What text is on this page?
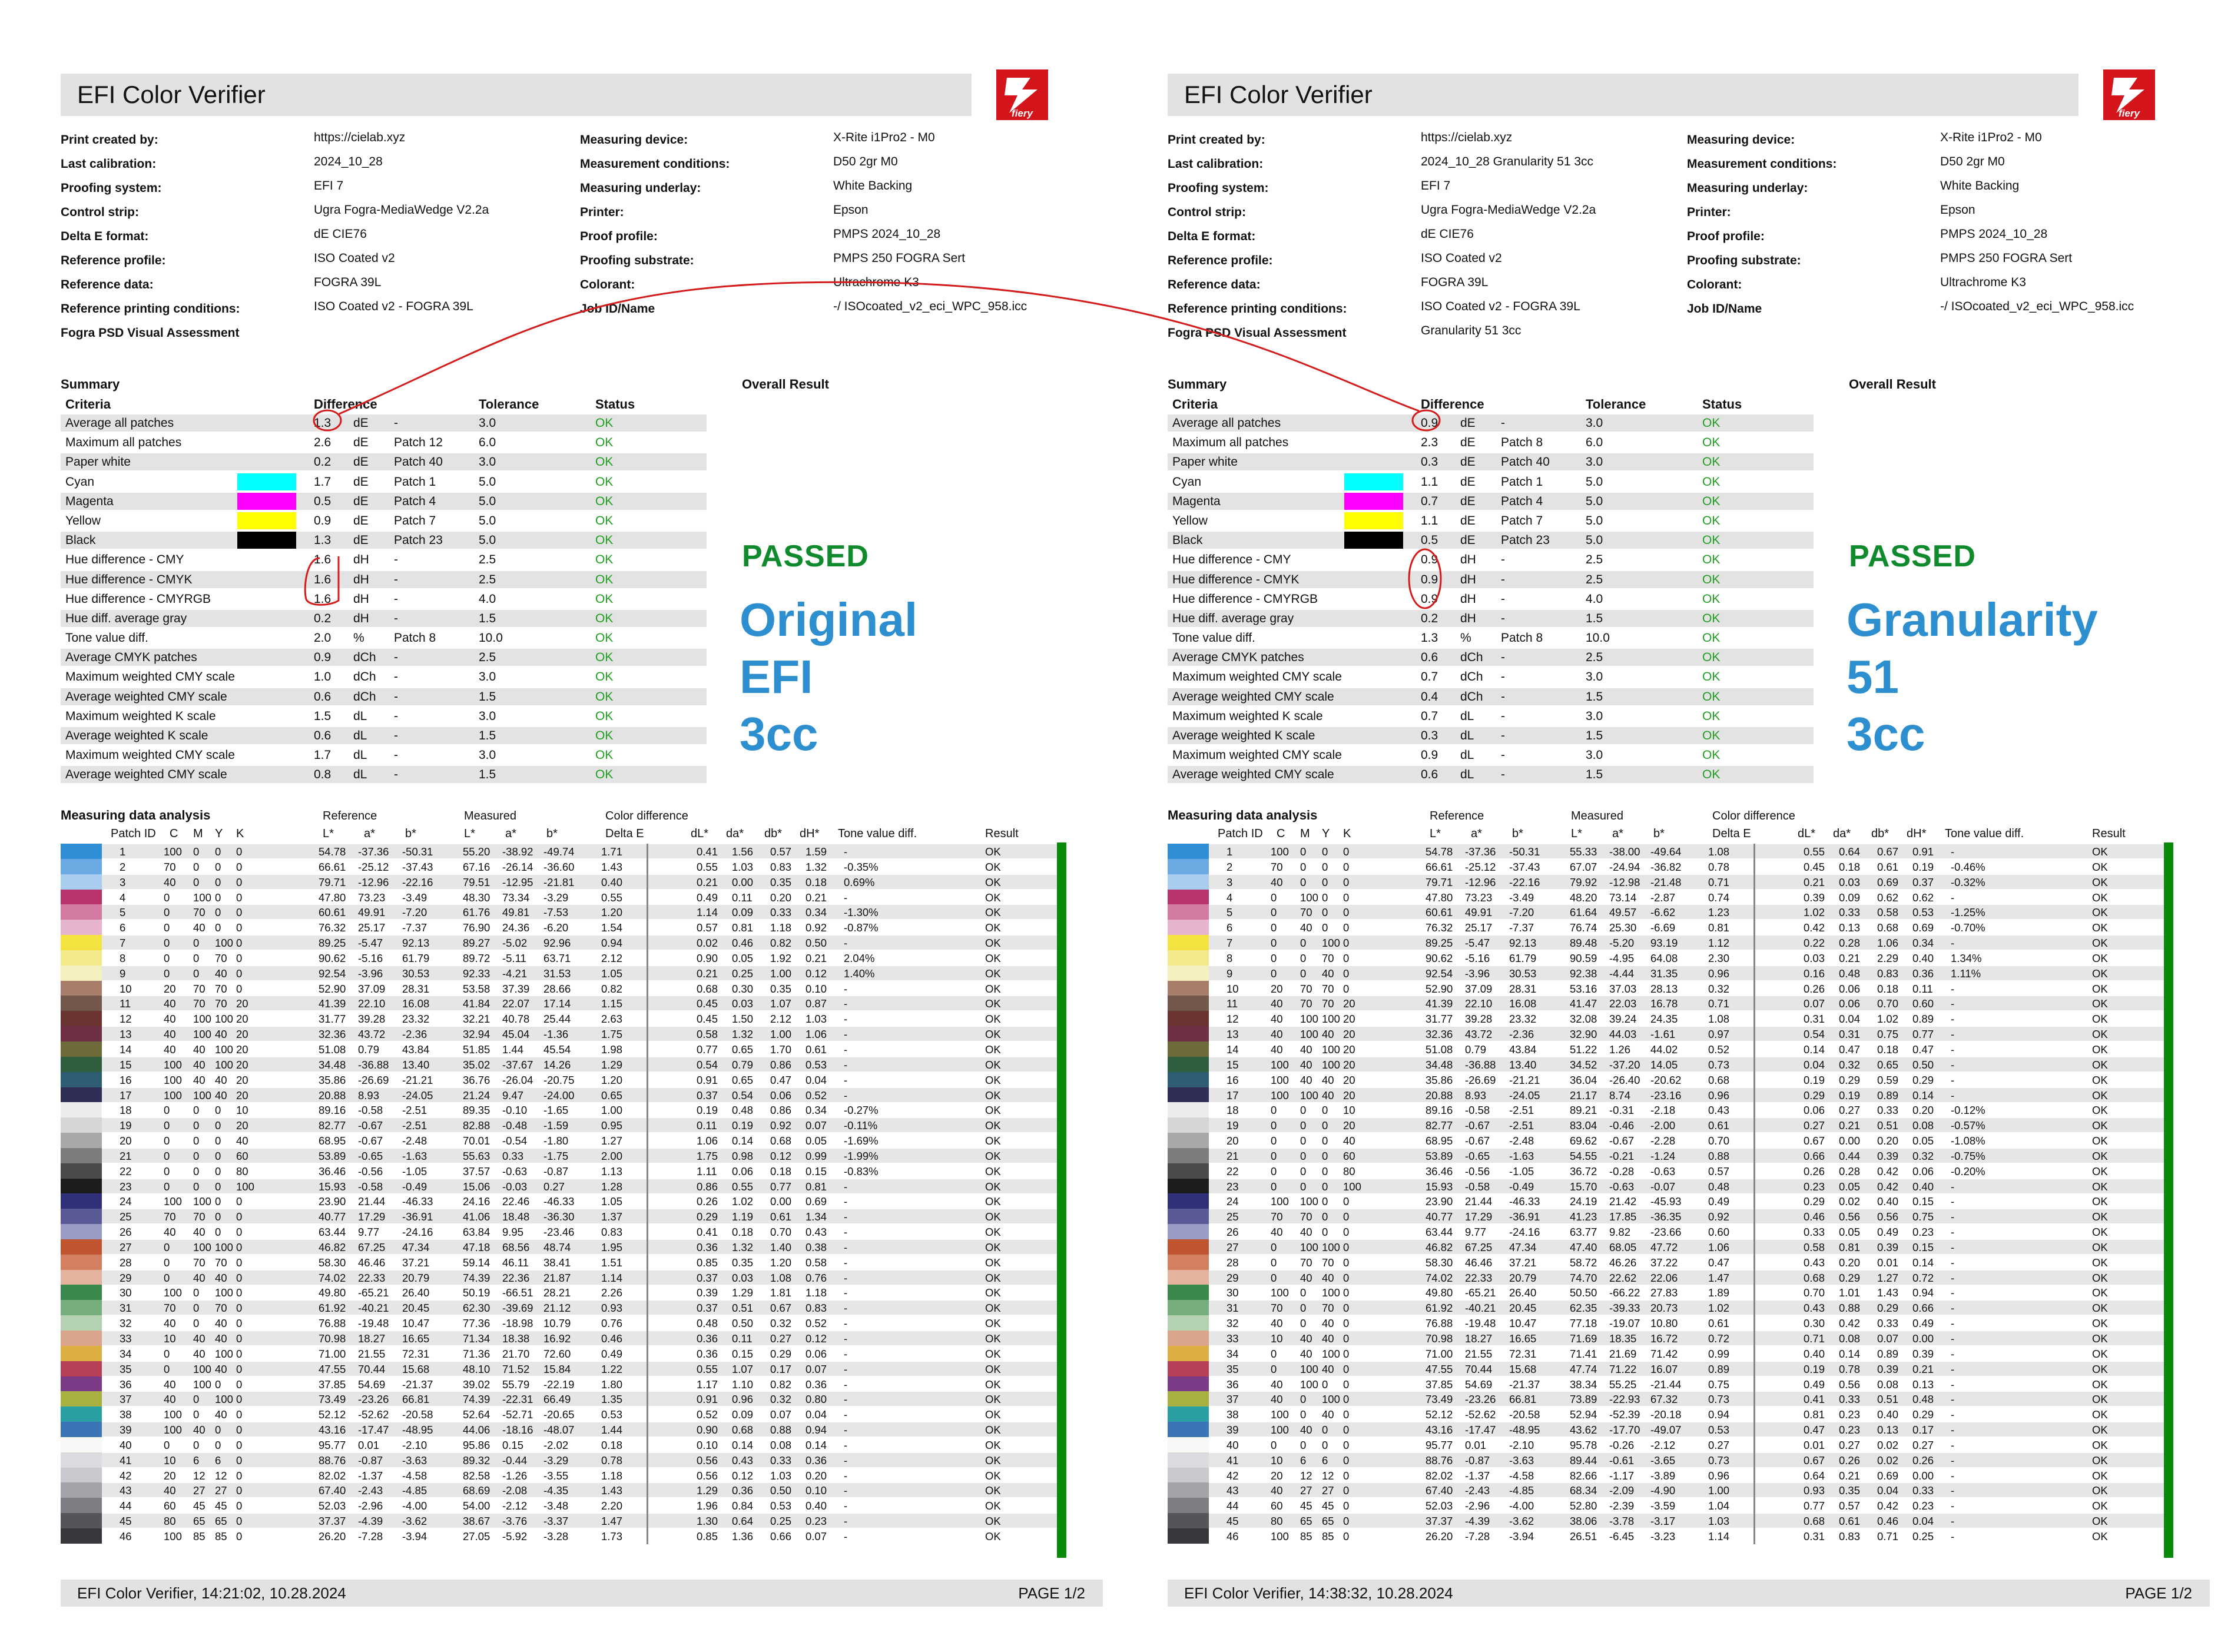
EFI Color Verifier
fiery
Print created by:	https://cielab.xyz
Last calibration:	2024_10_28
Proofing system:	EFI 7
Control strip:	Ugra Fogra-MediaWedge V2.2a
Delta E format:	dE CIE76
Reference profile:	ISO Coated v2
Reference data:	FOGRA 39L
Reference printing conditions:	ISO Coated v2 - FOGRA 39L
Fogra PSD Visual Assessment
Measuring device:	X-Rite i1Pro2 - M0
Measurement conditions:	D50 2gr M0
Measuring underlay:	White Backing
Printer:	Epson
Proof profile:	PMPS 2024_10_28
Proofing substrate:	PMPS 250 FOGRA Sert
Colorant:	Ultrachrome K3
Job ID/Name	-/ ISOcoated_v2_eci_WPC_958.icc
Summary	Overall Result
Criteria	Difference	Tolerance	Status
Average all patches	1.3 dE -	3.0	OK
Maximum all patches	2.6 dE Patch 12	6.0	OK
Paper white	0.2 dE Patch 40	3.0	OK
Cyan	1.7 dE Patch 1	5.0	OK
Magenta	0.5 dE Patch 4	5.0	OK
Yellow	0.9 dE Patch 7	5.0	OK
Black	1.3 dE Patch 23	5.0	OK
Hue difference - CMY	1.6 dH -	2.5	OK
Hue difference - CMYK	1.6 dH -	2.5	OK
Hue difference - CMYRGB	1.6 dH -	4.0	OK
Hue diff. average gray	0.2 dH -	1.5	OK
Tone value diff.	2.0 % Patch 8	10.0	OK
Average CMYK patches	0.9 dCh -	2.5	OK
Maximum weighted CMY scale	1.0 dCh -	3.0	OK
Average weighted CMY scale	0.6 dCh -	1.5	OK
Maximum weighted K scale	1.5 dL -	3.0	OK
Average weighted K scale	0.6 dL -	1.5	OK
Maximum weighted CMY scale	1.7 dL -	3.0	OK
Average weighted CMY scale	0.8 dL -	1.5	OK
PASSED
Original
EFI
3cc
Measuring data analysis	Reference	Measured	Color difference
Patch ID C M Y K	L*	a*	b*	L*	a*	b*	Delta E	dL* da* db* dH* Tone value diff.	Result
1	100 0 0 0	54.78 -37.36 -50.31	55.20 -38.92 -49.74 1.71	0.41 1.56 0.57 1.59 -	OK
2	70 0 0 0	66.61 -25.12 -37.43	67.16 -26.14 -36.60 1.43	0.55 1.03 0.83 1.32 -0.35%	OK
3	40 0 0 0	79.71 -12.96 -22.16	79.51 -12.95 -21.81 0.40	0.21 0.00 0.35 0.18 0.69%	OK
4	0 100 0 0	47.80 73.23 -3.49	48.30 73.34 -3.29	0.55	0.49 0.11 0.20 0.21 -	OK
5	0 70 0 0	60.61 49.91 -7.20	61.76 49.81 -7.53	1.20	1.14 0.09 0.33 0.34 -1.30%	OK
6	0 40 0 0	76.32 25.17 -7.37	76.90 24.36 -6.20	1.54	0.57 0.81 1.18 0.92 -0.87%	OK
7	0 0 100 0	89.25 -5.47 92.13	89.27 -5.02 92.96	0.94	0.02 0.46 0.82 0.50 -	OK
8	0 0 70 0	90.62 -5.16 61.79	89.72 -5.11 63.71	2.12	0.90 0.05 1.92 0.21 2.04%	OK
9	0 0 40 0	92.54 -3.96 30.53	92.33 -4.21 31.53	1.05	0.21 0.25 1.00 0.12 1.40%	OK
10	20 70 70 0	52.90 37.09 28.31	53.58 37.39 28.66	0.82	0.68 0.30 0.35 0.10 -	OK
11	40 70 70 20	41.39 22.10 16.08	41.84 22.07 17.14	1.15	0.45 0.03 1.07 0.87 -	OK
12	40 100 100 20	31.77 39.28 23.32	32.21 40.78 25.44	2.63	0.45 1.50 2.12 1.03 -	OK
13	40 100 40 20	32.36 43.72 -2.36	32.94 45.04 -1.36	1.75	0.58 1.32 1.00 1.06 -	OK
14	40 40 100 20	51.08 0.79 43.84	51.85 1.44 45.54	1.98	0.77 0.65 1.70 0.61 -	OK
15	100 40 100 20	34.48 -36.88 13.40	35.02 -37.67 14.26	1.29	0.54 0.79 0.86 0.53 -	OK
16	100 40 40 20	35.86 -26.69 -21.21	36.76 -26.04 -20.75 1.20	0.91 0.65 0.47 0.04 -	OK
17	100 100 40 20	20.88 8.93 -24.05	21.24 9.47 -24.00 0.65	0.37 0.54 0.06 0.52 -	OK
18	0 0 0 10	89.16 -0.58 -2.51	89.35 -0.10 -1.65	1.00	0.19 0.48 0.86 0.34 -0.27%	OK
19	0 0 0 20	82.77 -0.67 -2.51	82.88 -0.48 -1.59	0.95	0.11 0.19 0.92 0.07 -0.11%	OK
20	0 0 0 40	68.95 -0.67 -2.48	70.01 -0.54 -1.80	1.27	1.06 0.14 0.68 0.05 -1.69%	OK
21	0 0 0 60	53.89 -0.65 -1.63	55.63 0.33 -1.75	2.00	1.75 0.98 0.12 0.99 -1.99%	OK
22	0 0 0 80	36.46 -0.56 -1.05	37.57 -0.63 -0.87	1.13	1.11 0.06 0.18 0.15 -0.83%	OK
23	0 0 0 100	15.93 -0.58 -0.49	15.06 -0.03 0.27	1.28	0.86 0.55 0.77 0.81 -	OK
24	100 100 0 0	23.90 21.44 -46.33	24.16 22.46 -46.33 1.05	0.26 1.02 0.00 0.69 -	OK
25	70 70 0 0	40.77 17.29 -36.91	41.06 18.48 -36.30 1.37	0.29 1.19 0.61 1.34 -	OK
26	40 40 0 0	63.44 9.77 -24.16	63.84 9.95 -23.46 0.83	0.41 0.18 0.70 0.43 -	OK
27	0 100 100 0	46.82 67.25 47.34	47.18 68.56 48.74	1.95	0.36 1.32 1.40 0.38 -	OK
28	0 70 70 0	58.30 46.46 37.21	59.14 46.11 38.41	1.51	0.85 0.35 1.20 0.58 -	OK
29	0 40 40 0	74.02 22.33 20.79	74.39 22.36 21.87	1.14	0.37 0.03 1.08 0.76 -	OK
30	100 0 100 0	49.80 -65.21 26.40	50.19 -66.51 28.21	2.26	0.39 1.29 1.81 1.18 -	OK
31	70 0 70 0	61.92 -40.21 20.45	62.30 -39.69 21.12	0.93	0.37 0.51 0.67 0.83 -	OK
32	40 0 40 0	76.88 -19.48 10.47	77.36 -18.98 10.79	0.76	0.48 0.50 0.32 0.52 -	OK
33	10 40 40 0	70.98 18.27 16.65	71.34 18.38 16.92	0.46	0.36 0.11 0.27 0.12 -	OK
34	0 40 100 0	71.00 21.55 72.31	71.36 21.70 72.60	0.49	0.36 0.15 0.29 0.06 -	OK
35	0 100 40 0	47.55 70.44 15.68	48.10 71.52 15.84	1.22	0.55 1.07 0.17 0.07 -	OK
36	40 100 0 0	37.85 54.69 -21.37	39.02 55.79 -22.19 1.80	1.17 1.10 0.82 0.36 -	OK
37	40 0 100 0	73.49 -23.26 66.81	74.39 -22.31 66.49	1.35	0.91 0.96 0.32 0.80 -	OK
38	100 0 40 0	52.12 -52.62 -20.58	52.64 -52.71 -20.65 0.53	0.52 0.09 0.07 0.04 -	OK
39	100 40 0 0	43.16 -17.47 -48.95	44.06 -18.16 -48.07 1.44	0.90 0.68 0.88 0.94 -	OK
40	0 0 0 0	95.77 0.01 -2.10	95.86 0.15 -2.02	0.18	0.10 0.14 0.08 0.14 -	OK
41	10 6 6 0	88.76 -0.87 -3.63	89.32 -0.44 -3.29	0.78	0.56 0.43 0.33 0.36 -	OK
42	20 12 12 0	82.02 -1.37 -4.58	82.58 -1.26 -3.55	1.18	0.56 0.12 1.03 0.20 -	OK
43	40 27 27 0	67.40 -2.43 -4.85	68.69 -2.08 -4.35	1.43	1.29 0.36 0.50 0.10 -	OK
44	60 45 45 0	52.03 -2.96 -4.00	54.00 -2.12 -3.48	2.20	1.96 0.84 0.53 0.40 -	OK
45	80 65 65 0	37.37 -4.39 -3.62	38.67 -3.76 -3.37	1.47	1.30 0.64 0.25 0.23 -	OK
46	100 85 85 0	26.20 -7.28 -3.94	27.05 -5.92 -3.28	1.73	0.85 1.36 0.66 0.07 -	OK
EFI Color Verifier, 14:21:02, 10.28.2024	PAGE 1/2
EFI Color Verifier
fiery
Print created by:	https://cielab.xyz
Last calibration:	2024_10_28 Granularity 51 3cc
Proofing system:	EFI 7
Control strip:	Ugra Fogra-MediaWedge V2.2a
Delta E format:	dE CIE76
Reference profile:	ISO Coated v2
Reference data:	FOGRA 39L
Reference printing conditions:	ISO Coated v2 - FOGRA 39L
Fogra PSD Visual Assessment	Granularity 51 3cc
Measuring device:	X-Rite i1Pro2 - M0
Measurement conditions:	D50 2gr M0
Measuring underlay:	White Backing
Printer:	Epson
Proof profile:	PMPS 2024_10_28
Proofing substrate:	PMPS 250 FOGRA Sert
Colorant:	Ultrachrome K3
Job ID/Name	-/ ISOcoated_v2_eci_WPC_958.icc
Summary	Overall Result
Criteria	Difference	Tolerance	Status
Average all patches	0.9 dE -	3.0	OK
Maximum all patches	2.3 dE Patch 8	6.0	OK
Paper white	0.3 dE Patch 40	3.0	OK
Cyan	1.1 dE Patch 1	5.0	OK
Magenta	0.7 dE Patch 4	5.0	OK
Yellow	1.1 dE Patch 7	5.0	OK
Black	0.5 dE Patch 23	5.0	OK
Hue difference - CMY	0.9 dH -	2.5	OK
Hue difference - CMYK	0.9 dH -	2.5	OK
Hue difference - CMYRGB	0.9 dH -	4.0	OK
Hue diff. average gray	0.2 dH -	1.5	OK
Tone value diff.	1.3 % Patch 8	10.0	OK
Average CMYK patches	0.6 dCh -	2.5	OK
Maximum weighted CMY scale	0.7 dCh -	3.0	OK
Average weighted CMY scale	0.4 dCh -	1.5	OK
Maximum weighted K scale	0.7 dL -	3.0	OK
Average weighted K scale	0.3 dL -	1.5	OK
Maximum weighted CMY scale	0.9 dL -	3.0	OK
Average weighted CMY scale	0.6 dL -	1.5	OK
PASSED
Granularity
51
3cc
Measuring data analysis	Reference	Measured	Color difference
Patch ID C M Y K	L*	a*	b*	L*	a*	b*	Delta E	dL* da* db* dH* Tone value diff.	Result
1	100 0 0 0	54.78 -37.36 -50.31	55.33 -38.00 -49.64 1.08	0.55 0.64 0.67 0.91 -	OK
2	70 0 0 0	66.61 -25.12 -37.43	67.07 -24.94 -36.82 0.78	0.45 0.18 0.61 0.19 -0.46%	OK
3	40 0 0 0	79.71 -12.96 -22.16	79.92 -12.98 -21.48 0.71	0.21 0.03 0.69 0.37 -0.32%	OK
4	0 100 0 0	47.80 73.23 -3.49	48.20 73.14 -2.87	0.74	0.39 0.09 0.62 0.62 -	OK
5	0 70 0 0	60.61 49.91 -7.20	61.64 49.57 -6.62	1.23	1.02 0.33 0.58 0.53 -1.25%	OK
6	0 40 0 0	76.32 25.17 -7.37	76.74 25.30 -6.69	0.81	0.42 0.13 0.68 0.69 -0.70%	OK
7	0 0 100 0	89.25 -5.47 92.13	89.48 -5.20 93.19	1.12	0.22 0.28 1.06 0.34 -	OK
8	0 0 70 0	90.62 -5.16 61.79	90.59 -4.95 64.08	2.30	0.03 0.21 2.29 0.40 1.34%	OK
9	0 0 40 0	92.54 -3.96 30.53	92.38 -4.44 31.35	0.96	0.16 0.48 0.83 0.36 1.11%	OK
10	20 70 70 0	52.90 37.09 28.31	53.16 37.03 28.13	0.32	0.26 0.06 0.18 0.11 -	OK
11	40 70 70 20	41.39 22.10 16.08	41.47 22.03 16.78	0.71	0.07 0.06 0.70 0.60 -	OK
12	40 100 100 20	31.77 39.28 23.32	32.08 39.24 24.35	1.08	0.31 0.04 1.02 0.89 -	OK
13	40 100 40 20	32.36 43.72 -2.36	32.90 44.03 -1.61	0.97	0.54 0.31 0.75 0.77 -	OK
14	40 40 100 20	51.08 0.79 43.84	51.22 1.26 44.02	0.52	0.14 0.47 0.18 0.47 -	OK
15	100 40 100 20	34.48 -36.88 13.40	34.52 -37.20 14.05	0.73	0.04 0.32 0.65 0.50 -	OK
16	100 40 40 20	35.86 -26.69 -21.21	36.04 -26.40 -20.62 0.68	0.19 0.29 0.59 0.29 -	OK
17	100 100 40 20	20.88 8.93 -24.05	21.17 8.74 -23.16 0.96	0.29 0.19 0.89 0.14 -	OK
18	0 0 0 10	89.16 -0.58 -2.51	89.21 -0.31 -2.18	0.43	0.06 0.27 0.33 0.20 -0.12%	OK
19	0 0 0 20	82.77 -0.67 -2.51	83.04 -0.46 -2.00	0.61	0.27 0.21 0.51 0.08 -0.57%	OK
20	0 0 0 40	68.95 -0.67 -2.48	69.62 -0.67 -2.28	0.70	0.67 0.00 0.20 0.05 -1.08%	OK
21	0 0 0 60	53.89 -0.65 -1.63	54.55 -0.21 -1.24	0.88	0.66 0.44 0.39 0.32 -0.75%	OK
22	0 0 0 80	36.46 -0.56 -1.05	36.72 -0.28 -0.63	0.57	0.26 0.28 0.42 0.06 -0.20%	OK
23	0 0 0 100	15.93 -0.58 -0.49	15.70 -0.63 -0.07	0.48	0.23 0.05 0.42 0.40 -	OK
24	100 100 0 0	23.90 21.44 -46.33	24.19 21.42 -45.93 0.49	0.29 0.02 0.40 0.15 -	OK
25	70 70 0 0	40.77 17.29 -36.91	41.23 17.85 -36.35 0.92	0.46 0.56 0.56 0.75 -	OK
26	40 40 0 0	63.44 9.77 -24.16	63.77 9.82 -23.66 0.60	0.33 0.05 0.49 0.23 -	OK
27	0 100 100 0	46.82 67.25 47.34	47.40 68.05 47.72	1.06	0.58 0.81 0.39 0.15 -	OK
28	0 70 70 0	58.30 46.46 37.21	58.72 46.26 37.22	0.47	0.43 0.20 0.01 0.14 -	OK
29	0 40 40 0	74.02 22.33 20.79	74.70 22.62 22.06	1.47	0.68 0.29 1.27 0.72 -	OK
30	100 0 100 0	49.80 -65.21 26.40	50.50 -66.22 27.83	1.89	0.70 1.01 1.43 0.94 -	OK
31	70 0 70 0	61.92 -40.21 20.45	62.35 -39.33 20.73	1.02	0.43 0.88 0.29 0.66 -	OK
32	40 0 40 0	76.88 -19.48 10.47	77.18 -19.07 10.80	0.61	0.30 0.42 0.33 0.49 -	OK
33	10 40 40 0	70.98 18.27 16.65	71.69 18.35 16.72	0.72	0.71 0.08 0.07 0.00 -	OK
34	0 40 100 0	71.00 21.55 72.31	71.41 21.69 71.42	0.99	0.40 0.14 0.89 0.39 -	OK
35	0 100 40 0	47.55 70.44 15.68	47.74 71.22 16.07	0.89	0.19 0.78 0.39 0.21 -	OK
36	40 100 0 0	37.85 54.69 -21.37	38.34 55.25 -21.44 0.75	0.49 0.56 0.08 0.13 -	OK
37	40 0 100 0	73.49 -23.26 66.81	73.89 -22.93 67.32	0.73	0.41 0.33 0.51 0.48 -	OK
38	100 0 40 0	52.12 -52.62 -20.58	52.94 -52.39 -20.18 0.94	0.81 0.23 0.40 0.29 -	OK
39	100 40 0 0	43.16 -17.47 -48.95	43.62 -17.70 -49.07 0.53	0.47 0.23 0.13 0.17 -	OK
40	0 0 0 0	95.77 0.01 -2.10	95.78 -0.26 -2.12	0.27	0.01 0.27 0.02 0.27 -	OK
41	10 6 6 0	88.76 -0.87 -3.63	89.44 -0.61 -3.65	0.73	0.67 0.26 0.02 0.26 -	OK
42	20 12 12 0	82.02 -1.37 -4.58	82.66 -1.17 -3.89	0.96	0.64 0.21 0.69 0.00 -	OK
43	40 27 27 0	67.40 -2.43 -4.85	68.34 -2.09 -4.90	1.00	0.93 0.35 0.04 0.33 -	OK
44	60 45 45 0	52.03 -2.96 -4.00	52.80 -2.39 -3.59	1.04	0.77 0.57 0.42 0.23 -	OK
45	80 65 65 0	37.37 -4.39 -3.62	38.06 -3.78 -3.17	1.03	0.68 0.61 0.46 0.04 -	OK
46	100 85 85 0	26.20 -7.28 -3.94	26.51 -6.45 -3.23	1.14	0.31 0.83 0.71 0.25 -	OK
EFI Color Verifier, 14:38:32, 10.28.2024	PAGE 1/2
